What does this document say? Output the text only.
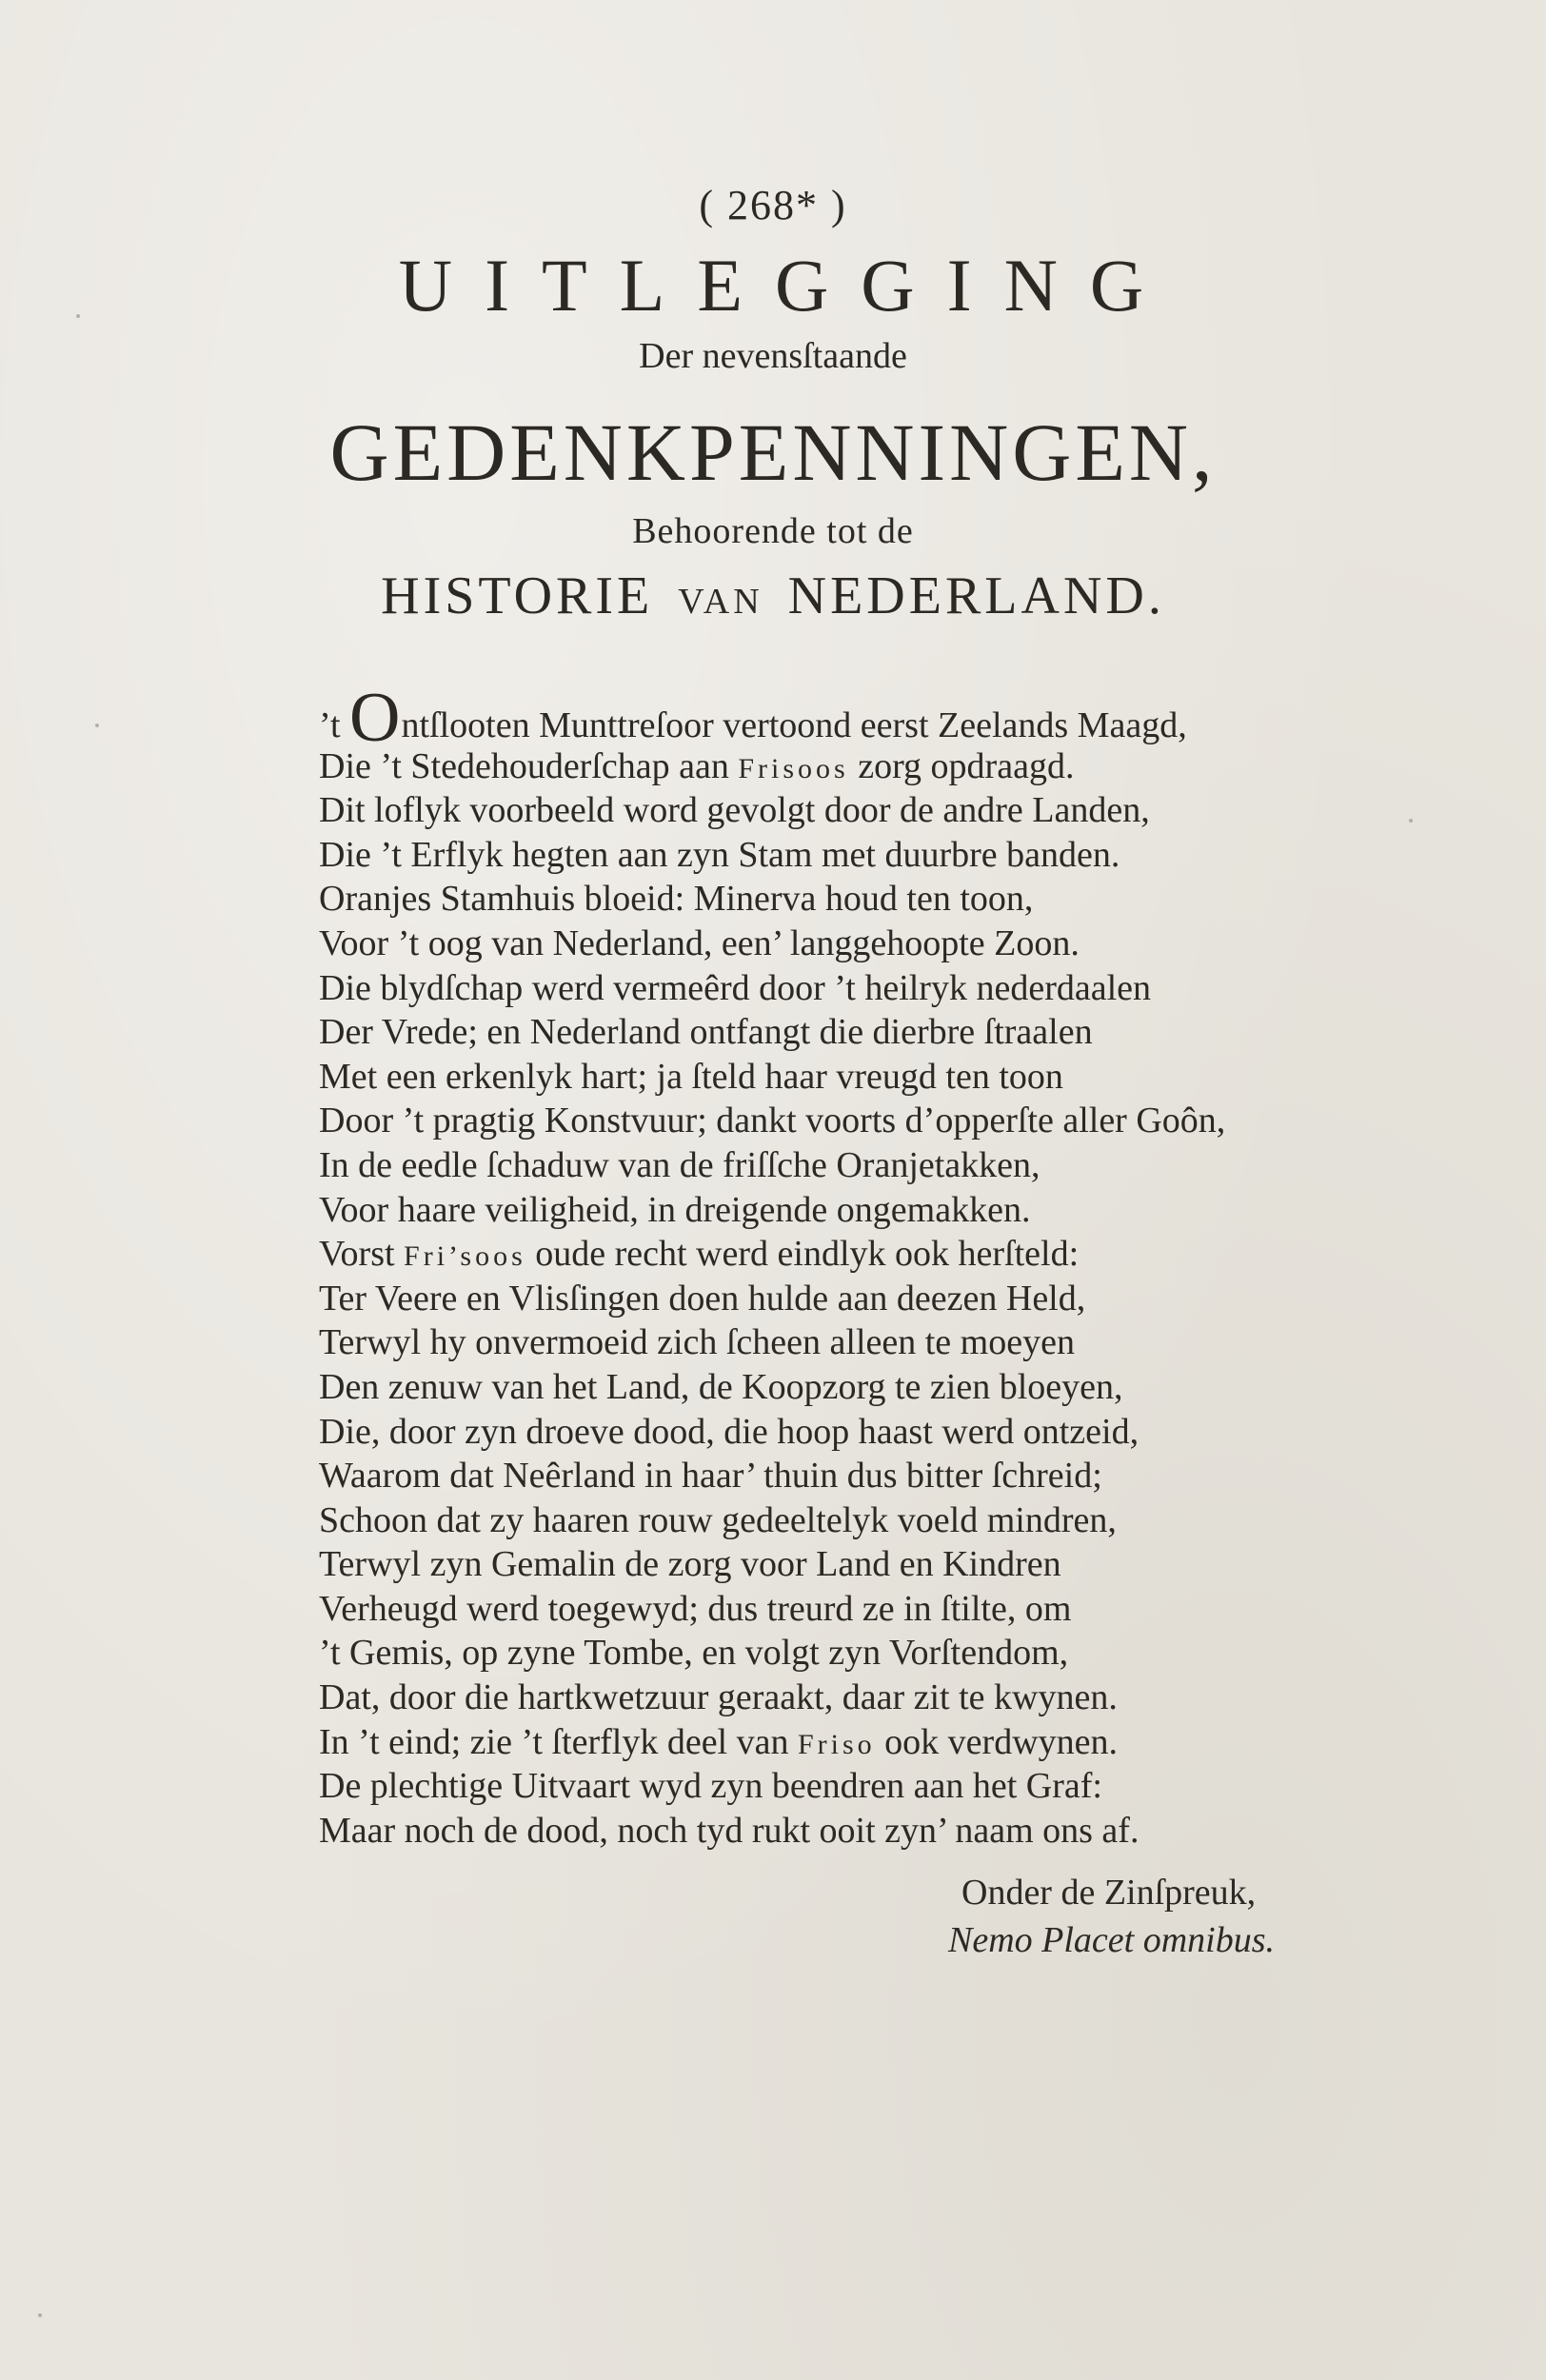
( 268* )
UITLEGGING
Der nevensſtaande
GEDENKPENNINGEN,
Behoorende tot de
HISTORIE VAN NEDERLAND.
’t Ontſlooten Munttreſoor vertoond eerst Zeelands Maagd,
Die ’t Stedehouderſchap aan Frisoos zorg opdraagd.
Dit loflyk voorbeeld word gevolgt door de andre Landen,
Die ’t Erflyk hegten aan zyn Stam met duurbre banden.
Oranjes Stamhuis bloeid: Minerva houd ten toon,
Voor ’t oog van Nederland, een’ langgehoopte Zoon.
Die blydſchap werd vermeêrd door ’t heilryk nederdaalen
Der Vrede; en Nederland ontfangt die dierbre ſtraalen
Met een erkenlyk hart; ja ſteld haar vreugd ten toon
Door ’t pragtig Konstvuur; dankt voorts d’opperſte aller Goôn,
In de eedle ſchaduw van de friſſche Oranjetakken,
Voor haare veiligheid, in dreigende ongemakken.
Vorst Fri’soos oude recht werd eindlyk ook herſteld:
Ter Veere en Vlisſingen doen hulde aan deezen Held,
Terwyl hy onvermoeid zich ſcheen alleen te moeyen
Den zenuw van het Land, de Koopzorg te zien bloeyen,
Die, door zyn droeve dood, die hoop haast werd ontzeid,
Waarom dat Neêrland in haar’ thuin dus bitter ſchreid;
Schoon dat zy haaren rouw gedeeltelyk voeld mindren,
Terwyl zyn Gemalin de zorg voor Land en Kindren
Verheugd werd toegewyd; dus treurd ze in ſtilte, om
’t Gemis, op zyne Tombe, en volgt zyn Vorſtendom,
Dat, door die hartkwetzuur geraakt, daar zit te kwynen.
In ’t eind; zie ’t ſterflyk deel van Friso ook verdwynen.
De plechtige Uitvaart wyd zyn beendren aan het Graf:
Maar noch de dood, noch tyd rukt ooit zyn’ naam ons af.
Onder de Zinſpreuk,
Nemo Placet omnibus.
